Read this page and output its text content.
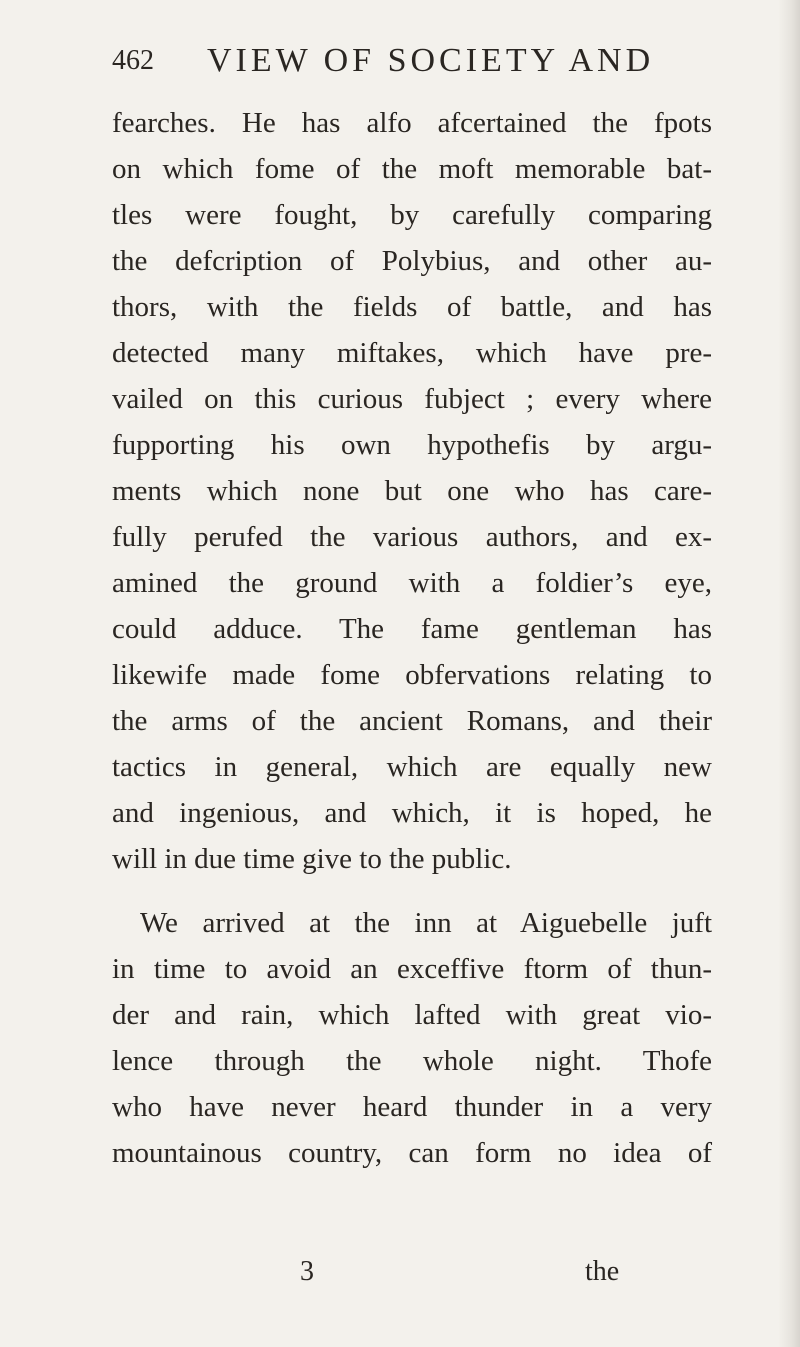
462 VIEW OF SOCIETY AND
fearches. He has alfo afcertained the fpots
on which fome of the moft memorable bat-
tles were fought, by carefully comparing
the defcription of Polybius, and other au-
thors, with the fields of battle, and has
detected many miftakes, which have pre-
vailed on this curious fubject ; every where
fupporting his own hypothefis by argu-
ments which none but one who has care-
fully perufed the various authors, and ex-
amined the ground with a foldier’s eye,
could adduce. The fame gentleman has
likewife made fome obfervations relating to
the arms of the ancient Romans, and their
tactics in general, which are equally new
and ingenious, and which, it is hoped, he
will in due time give to the public.
We arrived at the inn at Aiguebelle juft
in time to avoid an exceffive ftorm of thun-
der and rain, which lafted with great vio-
lence through the whole night. Thofe
who have never heard thunder in a very
mountainous country, can form no idea of
3	the
